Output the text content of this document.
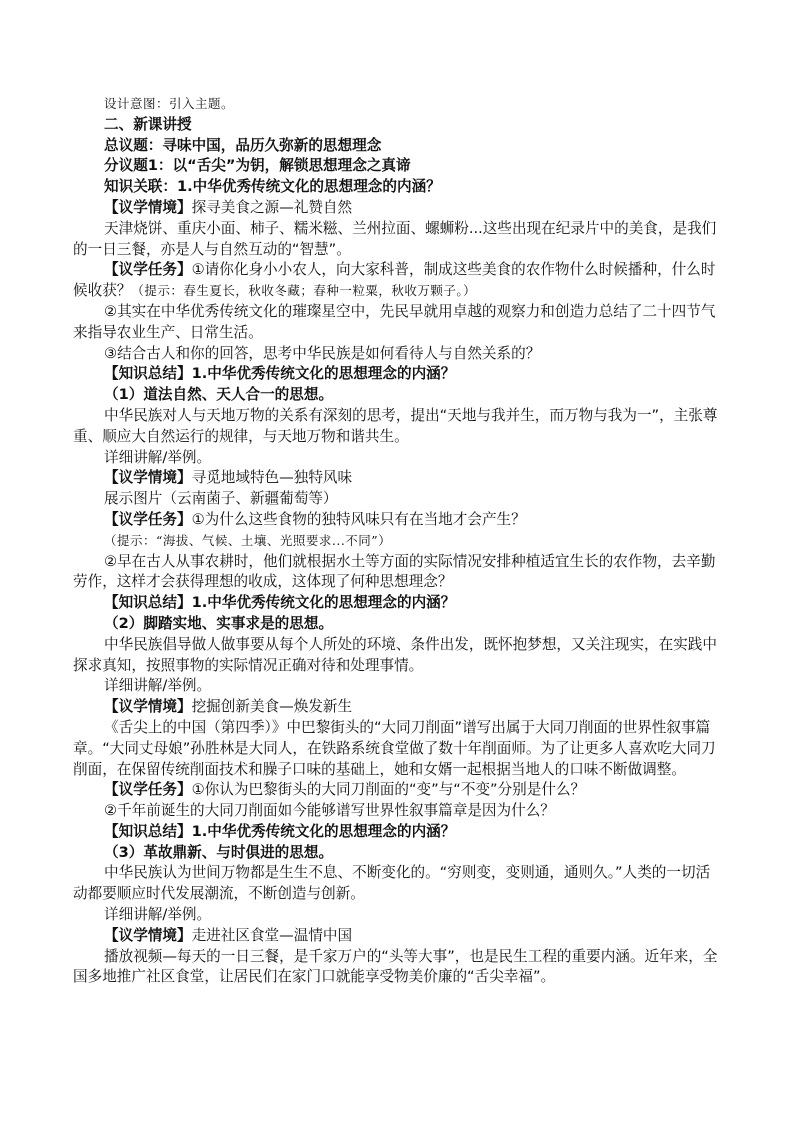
设计意图：引入主题。

二、新课讲授

总议题：寻味中国，品历久弥新的思想理念

分议题1：以“舌尖”为钥，解锁思想理念之真谛

知识关联：1.中华优秀传统文化的思想理念的内涵？

【议学情境】探寻美食之源—礼赞自然

天津烧饼、重庆小面、柿子、糯米糍、兰州拉面、螺蛳粉...这些出现在纪录片中的美食，是我们的一日三餐，亦是人与自然互动的“智慧”。

【议学任务】①请你化身小小农人，向大家科普，制成这些美食的农作物什么时候播种，什么时候收获？（提示：春生夏长，秋收冬藏；春种一粒粟，秋收万颗子。）

②其实在中华优秀传统文化的璀璨星空中，先民早就用卓越的观察力和创造力总结了二十四节气来指导农业生产、日常生活。

③结合古人和你的回答，思考中华民族是如何看待人与自然关系的？

【知识总结】1.中华优秀传统文化的思想理念的内涵？

（1）道法自然、天人合一的思想。

中华民族对人与天地万物的关系有深刻的思考，提出“天地与我并生，而万物与我为一”，主张尊重、顺应大自然运行的规律，与天地万物和谐共生。

详细讲解/举例。

【议学情境】寻觅地域特色—独特风味

展示图片（云南菌子、新疆葡萄等）

【议学任务】①为什么这些食物的独特风味只有在当地才会产生？

（提示：“海拔、气候、土壤、光照要求...不同”）

②早在古人从事农耕时，他们就根据水土等方面的实际情况安排种植适宜生长的农作物，去辛勤劳作，这样才会获得理想的收成，这体现了何种思想理念？

【知识总结】1.中华优秀传统文化的思想理念的内涵？

（2）脚踏实地、实事求是的思想。

中华民族倡导做人做事要从每个人所处的环境、条件出发，既怀抱梦想，又关注现实，在实践中探求真知，按照事物的实际情况正确对待和处理事情。

详细讲解/举例。

【议学情境】挖掘创新美食—焕发新生

《舌尖上的中国（第四季）》中巴黎街头的“大同刀削面”谱写出属于大同刀削面的世界性叙事篇章。“大同丈母娘”孙胜林是大同人，在铁路系统食堂做了数十年削面师。为了让更多人喜欢吃大同刀削面，在保留传统削面技术和臊子口味的基础上，她和女婿一起根据当地人的口味不断做调整。

【议学任务】①你认为巴黎街头的大同刀削面的“变”与“不变”分别是什么？

②千年前诞生的大同刀削面如今能够谱写世界性叙事篇章是因为什么？

【知识总结】1.中华优秀传统文化的思想理念的内涵？

（3）革故鼎新、与时俱进的思想。

中华民族认为世间万物都是生生不息、不断变化的。“穷则变，变则通，通则久。”人类的一切活动都要顺应时代发展潮流，不断创造与创新。

详细讲解/举例。

【议学情境】走进社区食堂—温情中国

播放视频—每天的一日三餐，是千家万户的“头等大事”，也是民生工程的重要内涵。近年来，全国多地推广社区食堂，让居民们在家门口就能享受物美价廉的“舌尖幸福”。
